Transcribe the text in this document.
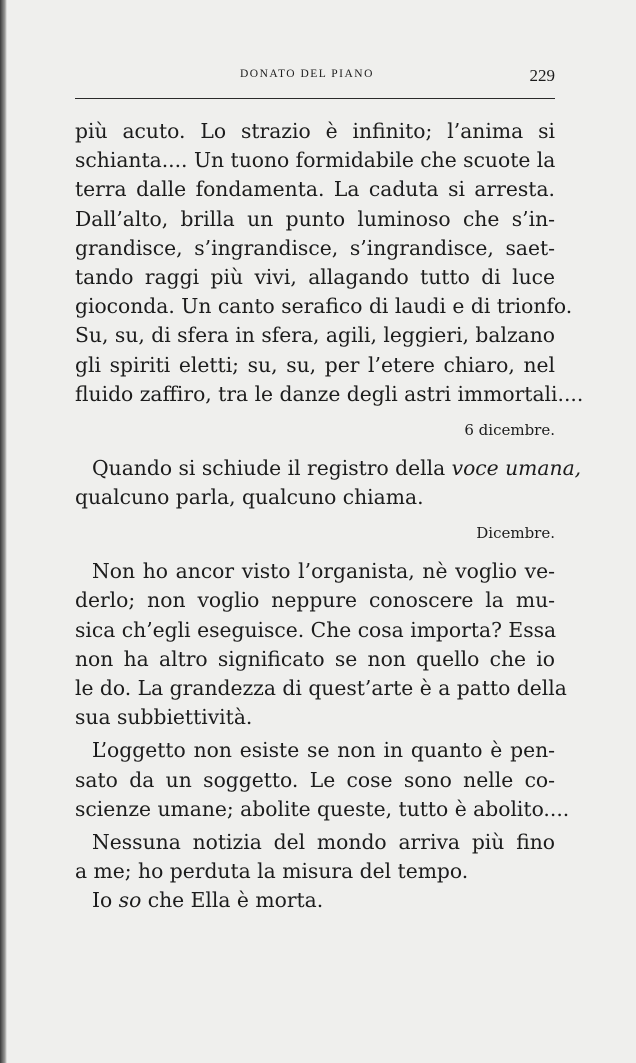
DONATO DEL PIANO	229
più acuto. Lo strazio è infinito; l’anima si
schianta.... Un tuono formidabile che scuote la
terra dalle fondamenta. La caduta si arresta.
Dall’alto, brilla un punto luminoso che s’in-
grandisce, s’ingrandisce, s’ingrandisce, saet-
tando raggi più vivi, allagando tutto di luce
gioconda. Un canto serafico di laudi e di trionfo.
Su, su, di sfera in sfera, agili, leggieri, balzano
gli spiriti eletti; su, su, per l’etere chiaro, nel
fluido zaffiro, tra le danze degli astri immortali....
6 dicembre.
Quando si schiude il registro della voce umana,
qualcuno parla, qualcuno chiama.
Dicembre.
Non ho ancor visto l’organista, nè voglio ve-
derlo; non voglio neppure conoscere la mu-
sica ch’egli eseguisce. Che cosa importa? Essa
non ha altro significato se non quello che io
le do. La grandezza di quest’arte è a patto della
sua subbiettività.
L’oggetto non esiste se non in quanto è pen-
sato da un soggetto. Le cose sono nelle co-
scienze umane; abolite queste, tutto è abolito....
Nessuna notizia del mondo arriva più fino
a me; ho perduta la misura del tempo.
Io so che Ella è morta.
